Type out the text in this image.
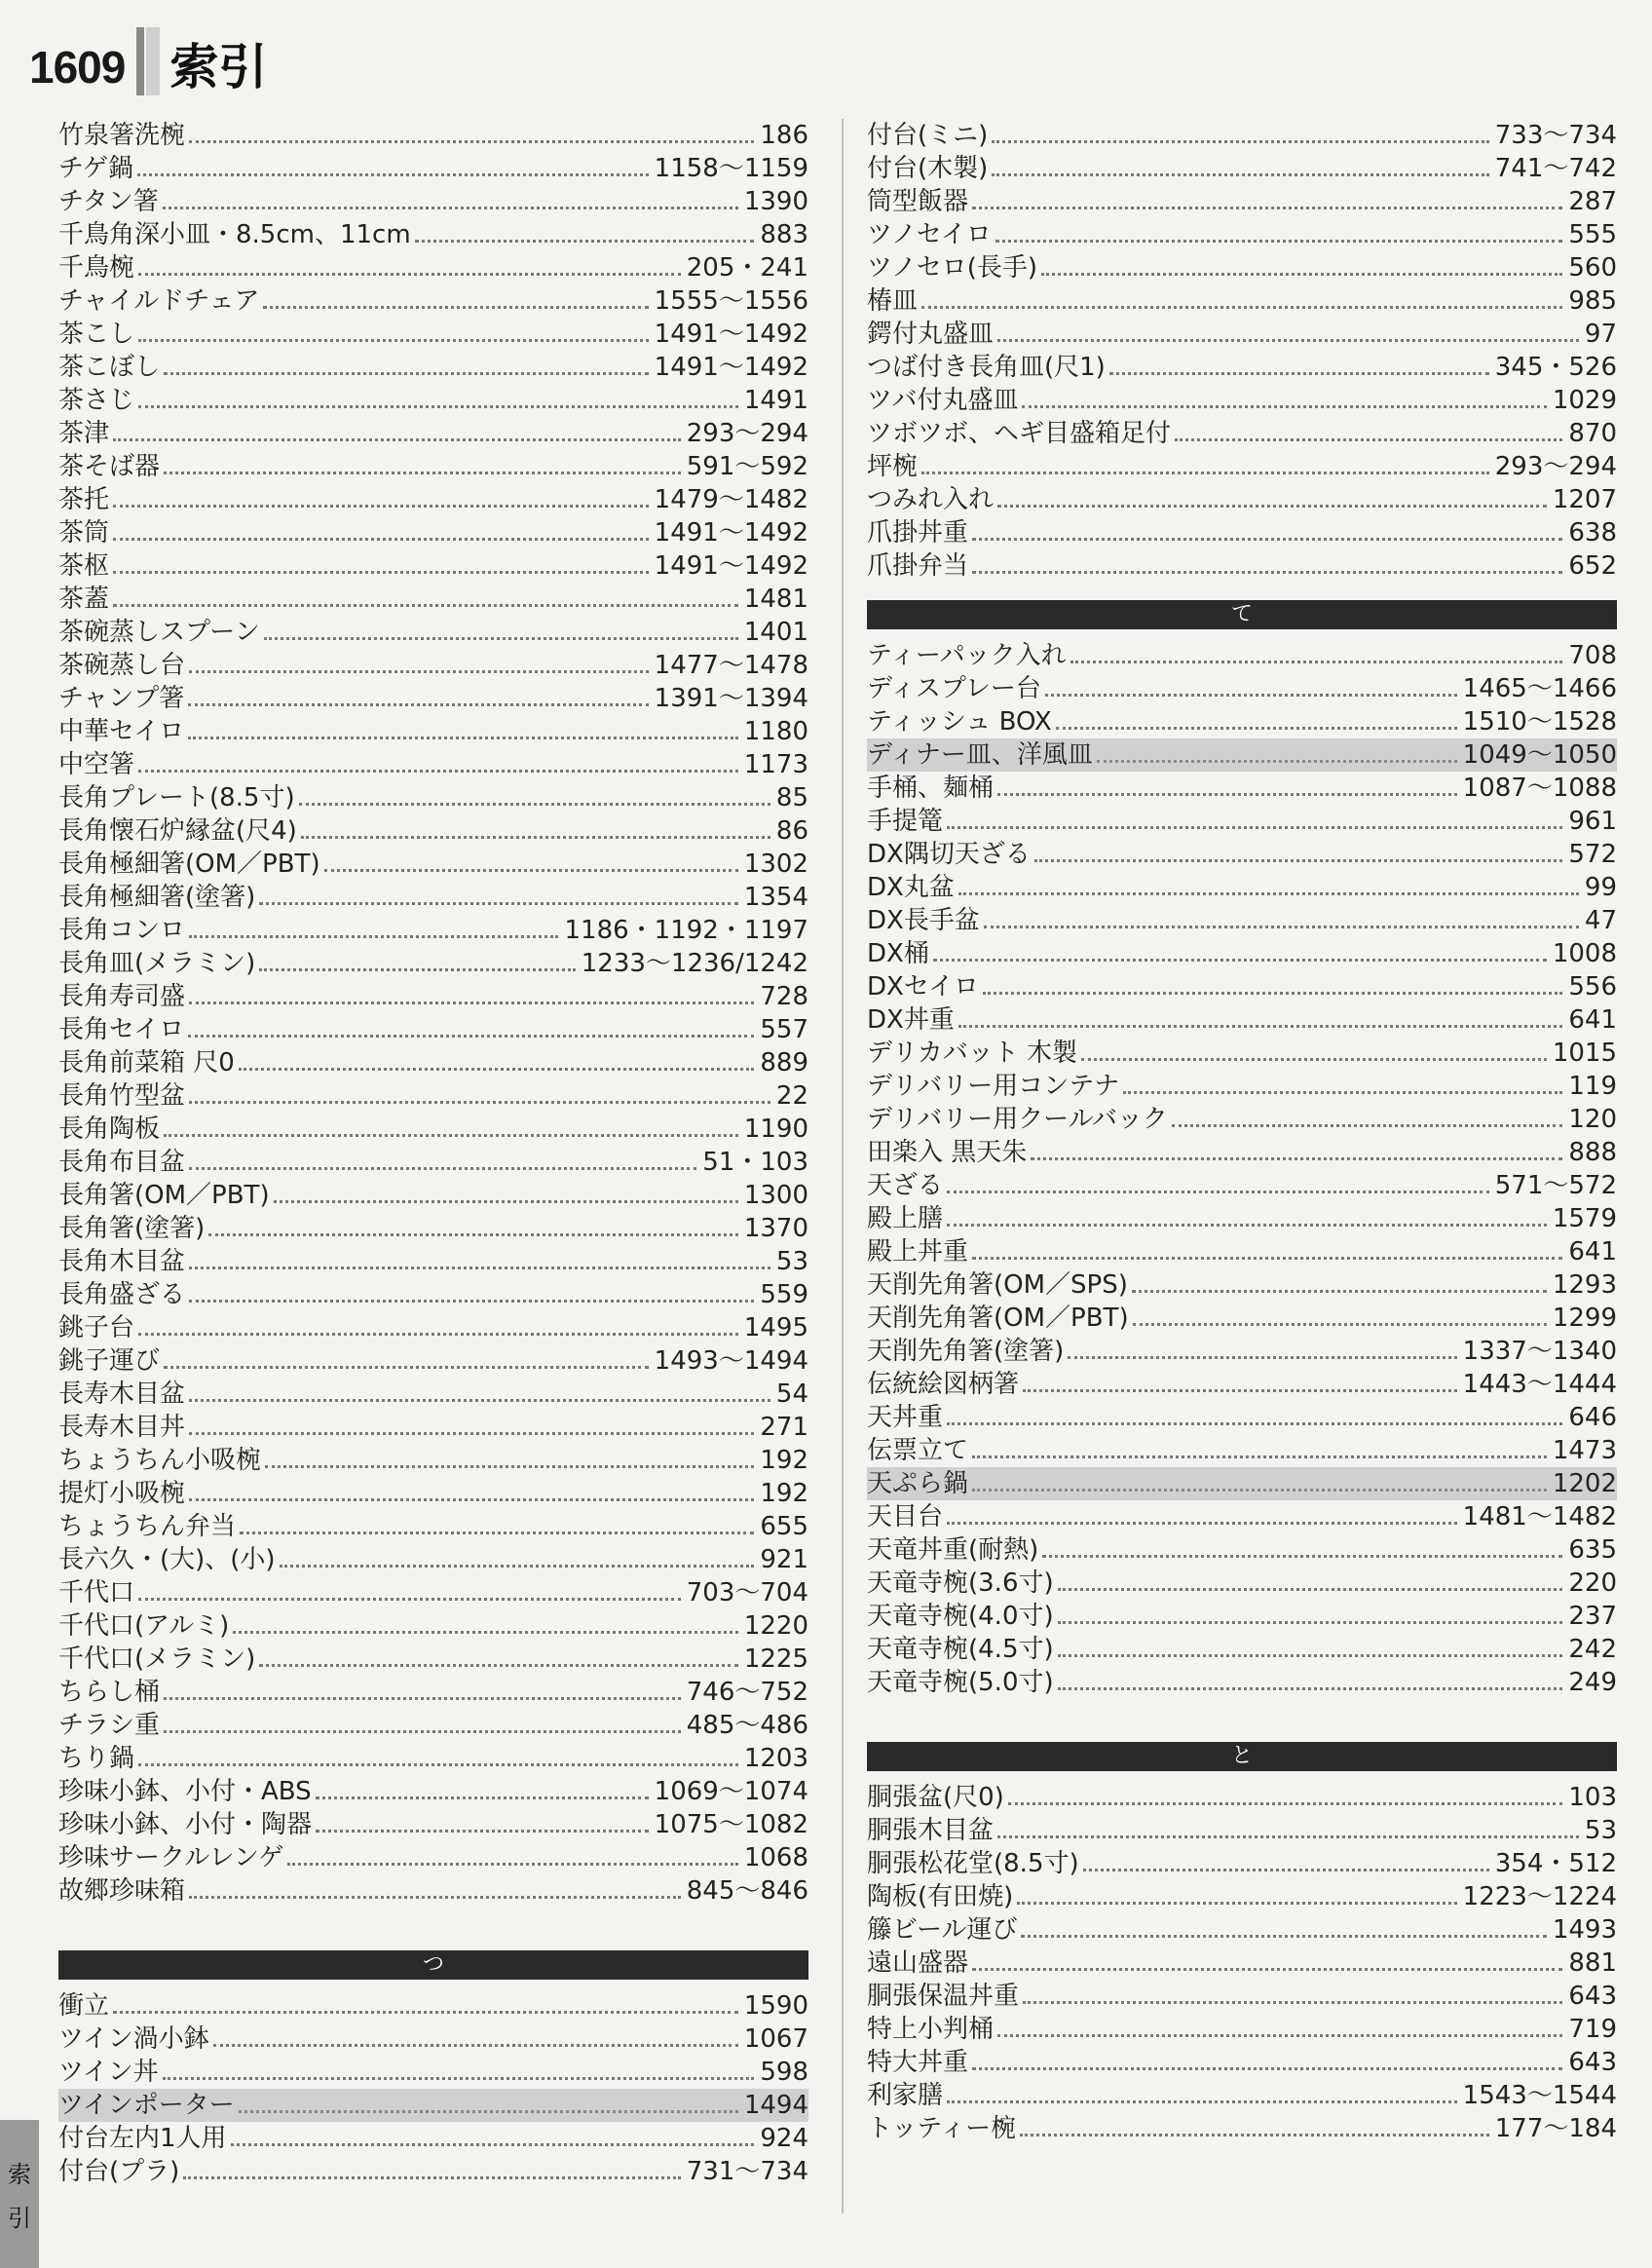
1609 索引
竹泉箸洗椀	186
チゲ鍋	1158〜1159
チタン箸	1390
千鳥角深小皿・8.5cm、11cm	883
千鳥椀	205・241
チャイルドチェア	1555〜1556
茶こし	1491〜1492
茶こぼし	1491〜1492
茶さじ	1491
茶津	293〜294
茶そば器	591〜592
茶托	1479〜1482
茶筒	1491〜1492
茶枢	1491〜1492
茶蓋	1481
茶碗蒸しスプーン	1401
茶碗蒸し台	1477〜1478
チャンプ箸	1391〜1394
中華セイロ	1180
中空箸	1173
長角プレート(8.5寸)	85
長角懐石炉縁盆(尺4)	86
長角極細箸(OM／PBT)	1302
長角極細箸(塗箸)	1354
長角コンロ	1186・1192・1197
長角皿(メラミン)	1233〜1236/1242
長角寿司盛	728
長角セイロ	557
長角前菜箱 尺0	889
長角竹型盆	22
長角陶板	1190
長角布目盆	51・103
長角箸(OM／PBT)	1300
長角箸(塗箸)	1370
長角木目盆	53
長角盛ざる	559
銚子台	1495
銚子運び	1493〜1494
長寿木目盆	54
長寿木目丼	271
ちょうちん小吸椀	192
提灯小吸椀	192
ちょうちん弁当	655
長六久・(大)、(小)	921
千代口	703〜704
千代口(アルミ)	1220
千代口(メラミン)	1225
ちらし桶	746〜752
チラシ重	485〜486
ちり鍋	1203
珍味小鉢、小付・ABS	1069〜1074
珍味小鉢、小付・陶器	1075〜1082
珍味サークルレンゲ	1068
故郷珍味箱	845〜846
つ
衝立	1590
ツイン渦小鉢	1067
ツイン丼	598
ツインポーター	1494
付台左内1人用	924
付台(プラ)	731〜734
付台(ミニ)	733〜734
付台(木製)	741〜742
筒型飯器	287
ツノセイロ	555
ツノセロ(長手)	560
椿皿	985
鍔付丸盛皿	97
つば付き長角皿(尺1)	345・526
ツバ付丸盛皿	1029
ツボツボ、ヘギ目盛箱足付	870
坪椀	293〜294
つみれ入れ	1207
爪掛丼重	638
爪掛弁当	652
て
ティーパック入れ	708
ディスプレー台	1465〜1466
ティッシュ BOX	1510〜1528
ディナー皿、洋風皿	1049〜1050
手桶、麺桶	1087〜1088
手提篭	961
DX隅切天ざる	572
DX丸盆	99
DX長手盆	47
DX桶	1008
DXセイロ	556
DX丼重	641
デリカバット 木製	1015
デリバリー用コンテナ	119
デリバリー用クールバック	120
田楽入 黒天朱	888
天ざる	571〜572
殿上膳	1579
殿上丼重	641
天削先角箸(OM／SPS)	1293
天削先角箸(OM／PBT)	1299
天削先角箸(塗箸)	1337〜1340
伝統絵図柄箸	1443〜1444
天丼重	646
伝票立て	1473
天ぷら鍋	1202
天目台	1481〜1482
天竜丼重(耐熱)	635
天竜寺椀(3.6寸)	220
天竜寺椀(4.0寸)	237
天竜寺椀(4.5寸)	242
天竜寺椀(5.0寸)	249
と
胴張盆(尺0)	103
胴張木目盆	53
胴張松花堂(8.5寸)	354・512
陶板(有田焼)	1223〜1224
籐ビール運び	1493
遠山盛器	881
胴張保温丼重	643
特上小判桶	719
特大丼重	643
利家膳	1543〜1544
トッティー椀	177〜184
索
引
